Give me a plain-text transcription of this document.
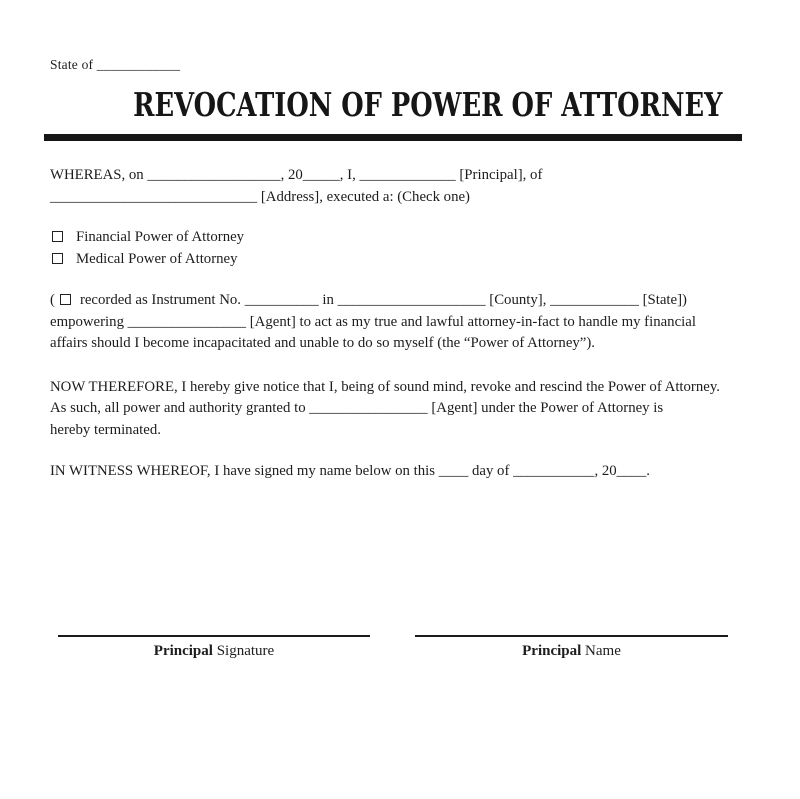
State of ____________
REVOCATION OF POWER OF ATTORNEY
WHEREAS, on __________________, 20_____, I, _____________ [Principal], of
____________________________ [Address], executed a: (Check one)
Financial Power of Attorney
Medical Power of Attorney
( recorded as Instrument No. __________ in ____________________ [County], ____________ [State])
empowering ________________ [Agent] to act as my true and lawful attorney-in-fact to handle my financial
affairs should I become incapacitated and unable to do so myself (the “Power of Attorney”).
NOW THEREFORE, I hereby give notice that I, being of sound mind, revoke and rescind the Power of Attorney.
As such, all power and authority granted to ________________ [Agent] under the Power of Attorney is
hereby terminated.
IN WITNESS WHEREOF, I have signed my name below on this ____ day of ___________, 20____.
Principal Signature	Principal Name
